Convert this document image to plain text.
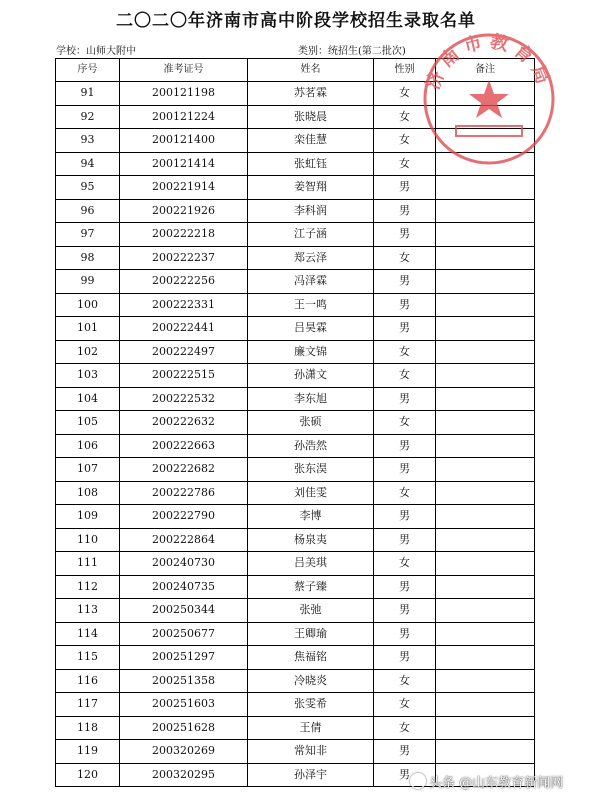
二〇二〇年济南市高中阶段学校招生录取名单
学校：山师大附中	类别：统招生(第二批次)
序号	准考证号	姓名	性别	备注
91	200121198	苏茗霖	女	
92	200121224	张晓晨	女	
93	200121400	栾佳慧	女	
94	200121414	张虹钰	女	
95	200221914	姜智翔	男	
96	200221926	李科润	男	
97	200222218	江子涵	男	
98	200222237	郑云泽	女	
99	200222256	冯泽霖	男	
100	200222331	王一鸣	男	
101	200222441	吕昊霖	男	
102	200222497	廉文锦	女	
103	200222515	孙潇文	女	
104	200222532	李东旭	男	
105	200222632	张硕	女	
106	200222663	孙浩然	男	
107	200222682	张东淏	男	
108	200222786	刘佳雯	女	
109	200222790	李博	男	
110	200222864	杨泉夷	男	
111	200240730	吕美琪	女	
112	200240735	蔡子臻	男	
113	200250344	张弛	男	
114	200250677	王卿瑜	男	
115	200251297	焦福铭	男	
116	200251358	冷晓炎	女	
117	200251603	张雯希	女	
118	200251628	王倩	女	
119	200320269	常知非	男	
120	200320295	孙泽宇	男	
济南市教育局
头条 @山东教育新闻网
